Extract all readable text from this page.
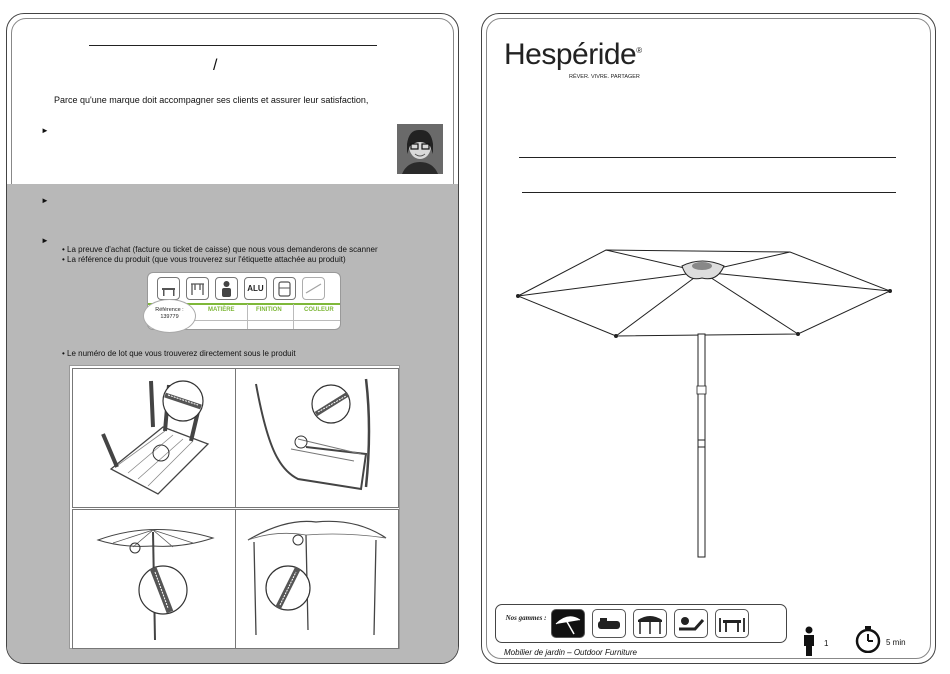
/
Parce qu'une marque doit accompagner ses clients et assurer leur satisfaction,
►
►
►
• La preuve d'achat (facture ou ticket de caisse) que nous vous demanderons de scanner
• La référence du produit (que vous trouverez sur l'étiquette attachée au produit)
ALU
MATIÈRE	FINITION	COULEUR
Référence :
139779
• Le numéro de lot que vous trouverez directement sous le produit
Hespéride®
RÊVER. VIVRE. PARTAGER
Nos gammes :
1	5 min
Mobilier de jardin – Outdoor Furniture
